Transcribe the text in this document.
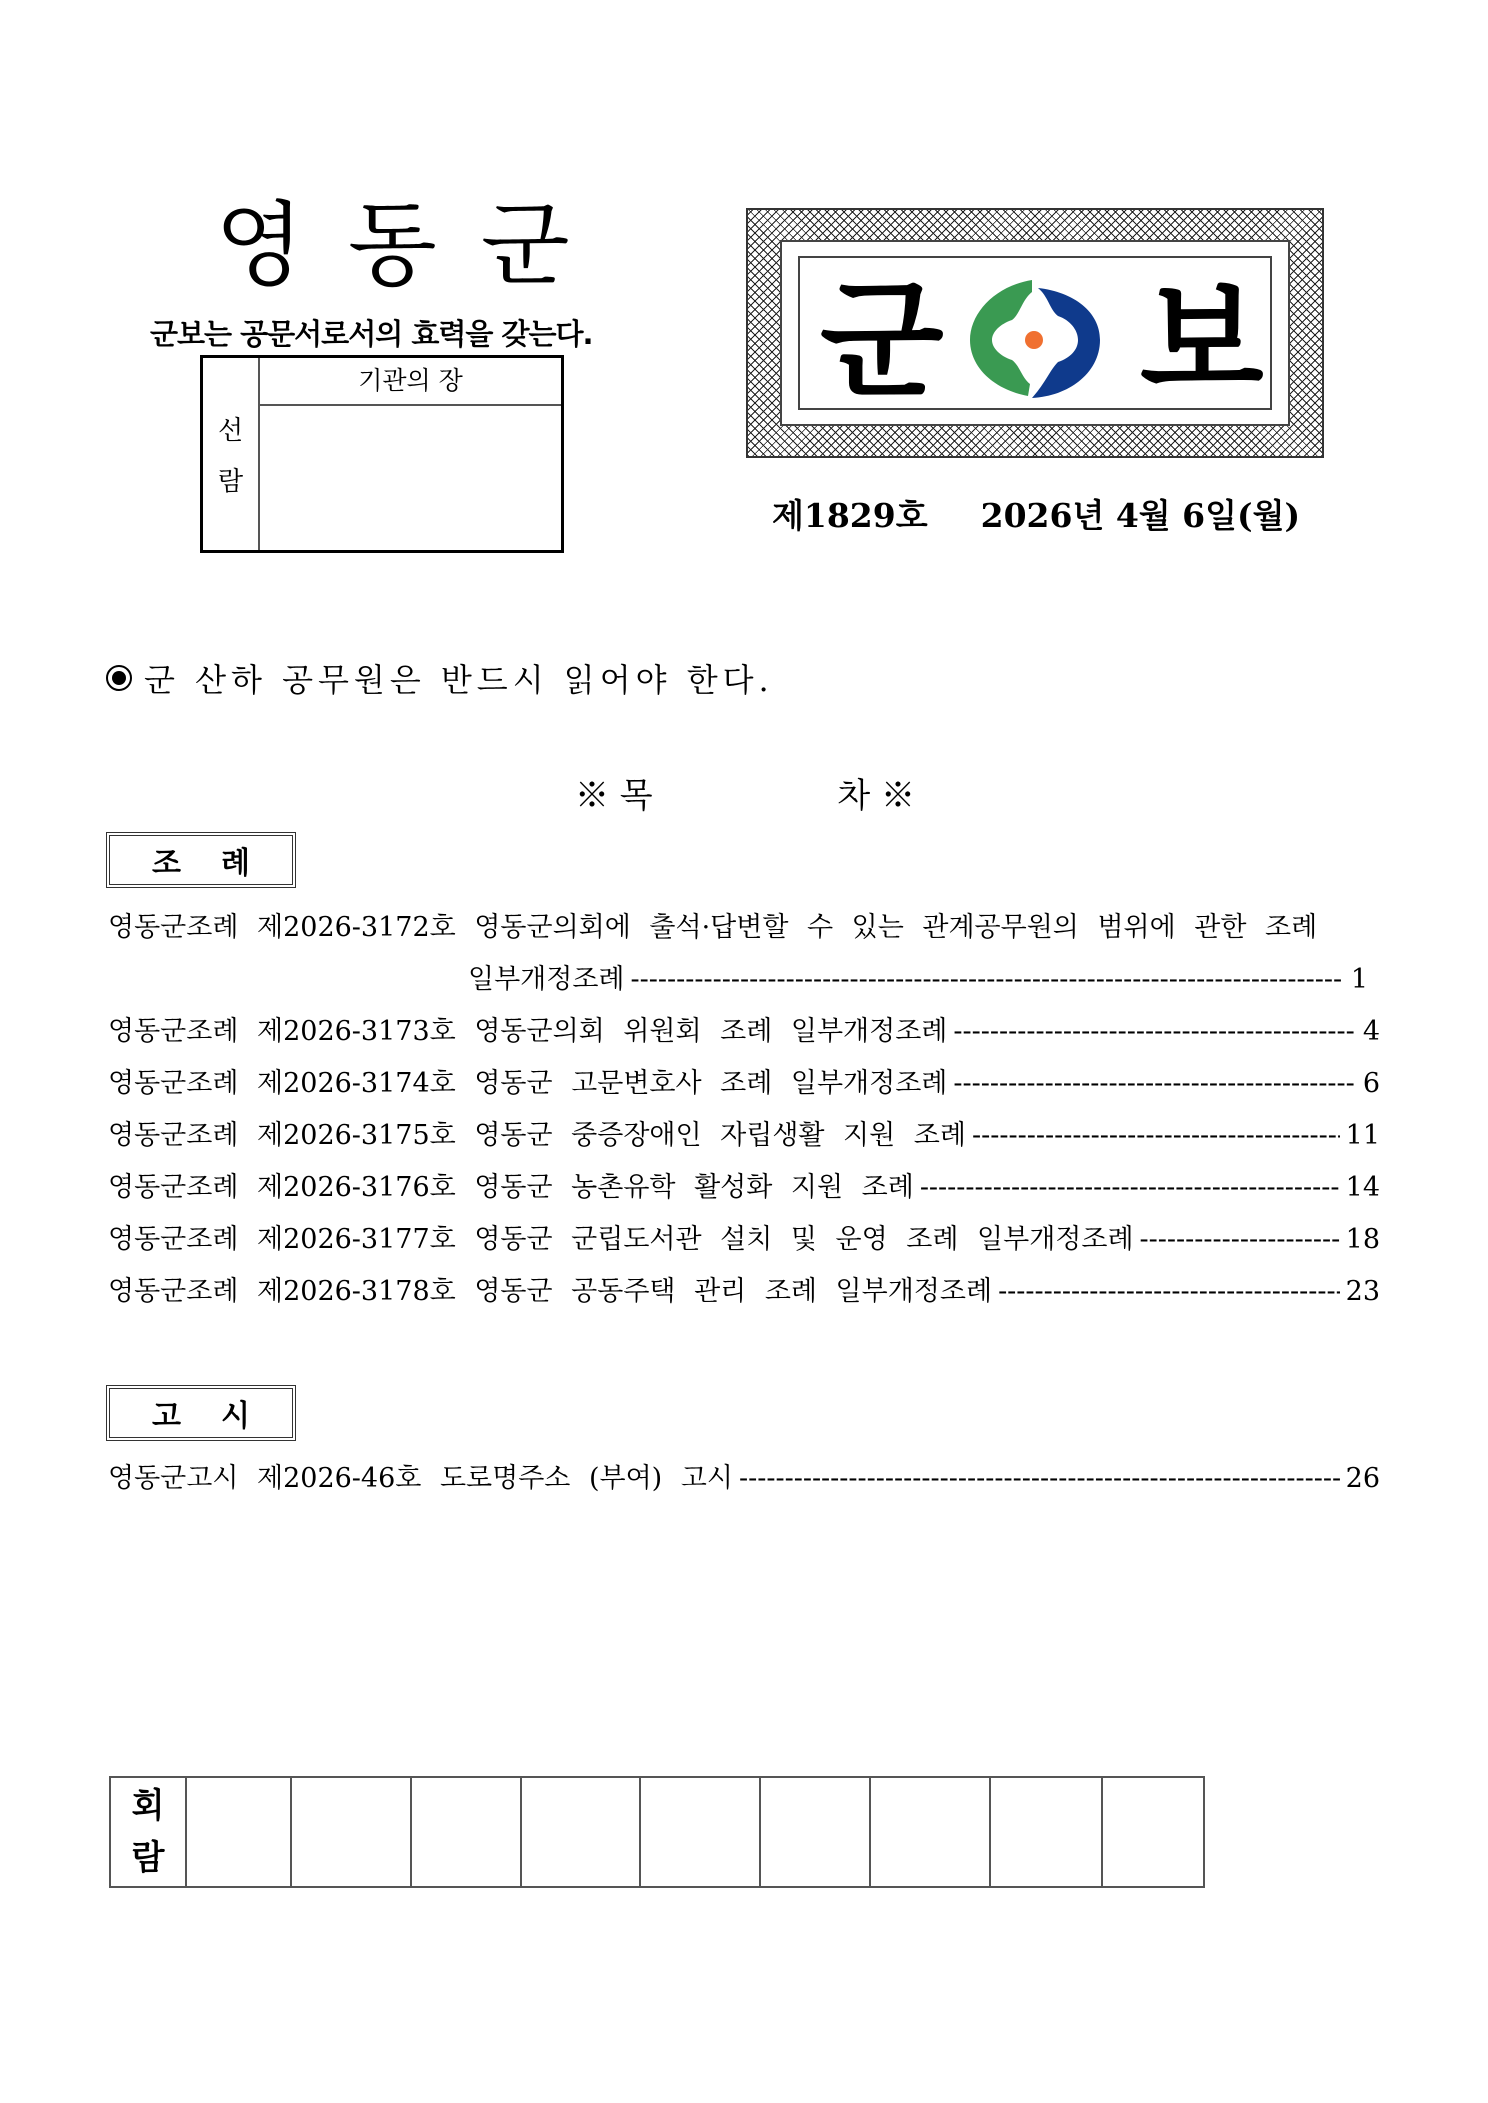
영동군
군보는 공문서로서의 효력을 갖는다.
선
람
기관의 장	군 보
제1829호 2026년 4월 6일(월)
군 산하 공무원은 반드시 읽어야 한다.
※ 목	차 ※
조 례
영동군조례
제2026-3172호
영동군의회에 출석·답변할 수 있는 관계공무원의 범위에 관한 조례
일부개정조례 -----	1
영동군조례
제2026-3173호
영동군의회 위원회 조례 일부개정조례 -----	4
영동군조례
제2026-3174호
영동군 고문변호사 조례 일부개정조례 -----	6
영동군조례
제2026-3175호
영동군 중증장애인 자립생활 지원 조례 -----	11
영동군조례
제2026-3176호
영동군 농촌유학 활성화 지원 조례 -----	14
영동군조례
제2026-3177호
영동군 군립도서관 설치 및 운영 조례 일부개정조례 -----	18
영동군조례
제2026-3178호
영동군 공동주택 관리 조례 일부개정조례 -----	23
고 시
영동군고시
제2026-46호
도로명주소 (부여) 고시 -----	26
회
람
